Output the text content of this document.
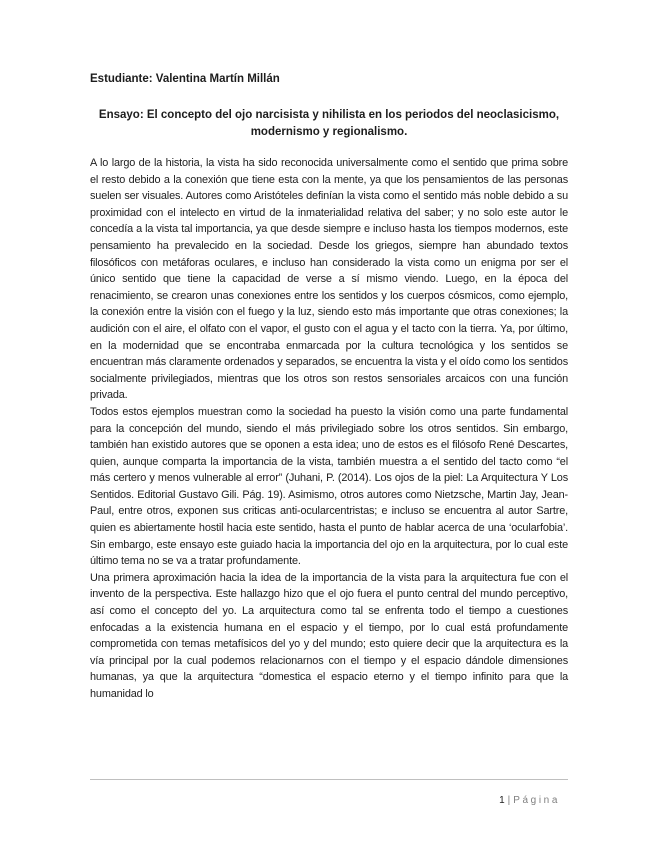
Estudiante: Valentina Martín Millán

Ensayo: El concepto del ojo narcisista y nihilista en los periodos del neoclasicismo, modernismo y regionalismo.

A lo largo de la historia, la vista ha sido reconocida universalmente como el sentido que prima sobre el resto debido a la conexión que tiene esta con la mente, ya que los pensamientos de las personas suelen ser visuales. Autores como Aristóteles definían la vista como el sentido más noble debido a su proximidad con el intelecto en virtud de la inmaterialidad relativa del saber; y no solo este autor le concedía a la vista tal importancia, ya que desde siempre e incluso hasta los tiempos modernos, este pensamiento ha prevalecido en la sociedad. Desde los griegos, siempre han abundado textos filosóficos con metáforas oculares, e incluso han considerado la vista como un enigma por ser el único sentido que tiene la capacidad de verse a sí mismo viendo. Luego, en la época del renacimiento, se crearon unas conexiones entre los sentidos y los cuerpos cósmicos, como ejemplo, la conexión entre la visión con el fuego y la luz, siendo esto más importante que otras conexiones; la audición con el aire, el olfato con el vapor, el gusto con el agua y el tacto con la tierra. Ya, por último, en la modernidad que se encontraba enmarcada por la cultura tecnológica y los sentidos se encuentran más claramente ordenados y separados, se encuentra la vista y el oído como los sentidos socialmente privilegiados, mientras que los otros son restos sensoriales arcaicos con una función privada.

Todos estos ejemplos muestran como la sociedad ha puesto la visión como una parte fundamental para la concepción del mundo, siendo el más privilegiado sobre los otros sentidos. Sin embargo, también han existido autores que se oponen a esta idea; uno de estos es el filósofo René Descartes, quien, aunque comparta la importancia de la vista, también muestra a el sentido del tacto como “el más certero y menos vulnerable al error” (Juhani, P. (2014). Los ojos de la piel: La Arquitectura Y Los Sentidos. Editorial Gustavo Gili. Pág. 19). Asimismo, otros autores como Nietzsche, Martin Jay, Jean-Paul, entre otros, exponen sus criticas anti-ocularcentristas; e incluso se encuentra al autor Sartre, quien es abiertamente hostil hacia este sentido, hasta el punto de hablar acerca de una ‘ocularfobia’. Sin embargo, este ensayo este guiado hacia la importancia del ojo en la arquitectura, por lo cual este último tema no se va a tratar profundamente.

Una primera aproximación hacia la idea de la importancia de la vista para la arquitectura fue con el invento de la perspectiva. Este hallazgo hizo que el ojo fuera el punto central del mundo perceptivo, así como el concepto del yo. La arquitectura como tal se enfrenta todo el tiempo a cuestiones enfocadas a la existencia humana en el espacio y el tiempo, por lo cual está profundamente comprometida con temas metafísicos del yo y del mundo; esto quiere decir que la arquitectura es la vía principal por la cual podemos relacionarnos con el tiempo y el espacio dándole dimensiones humanas, ya que la arquitectura “domestica el espacio eterno y el tiempo infinito para que la humanidad lo

1 | Página
